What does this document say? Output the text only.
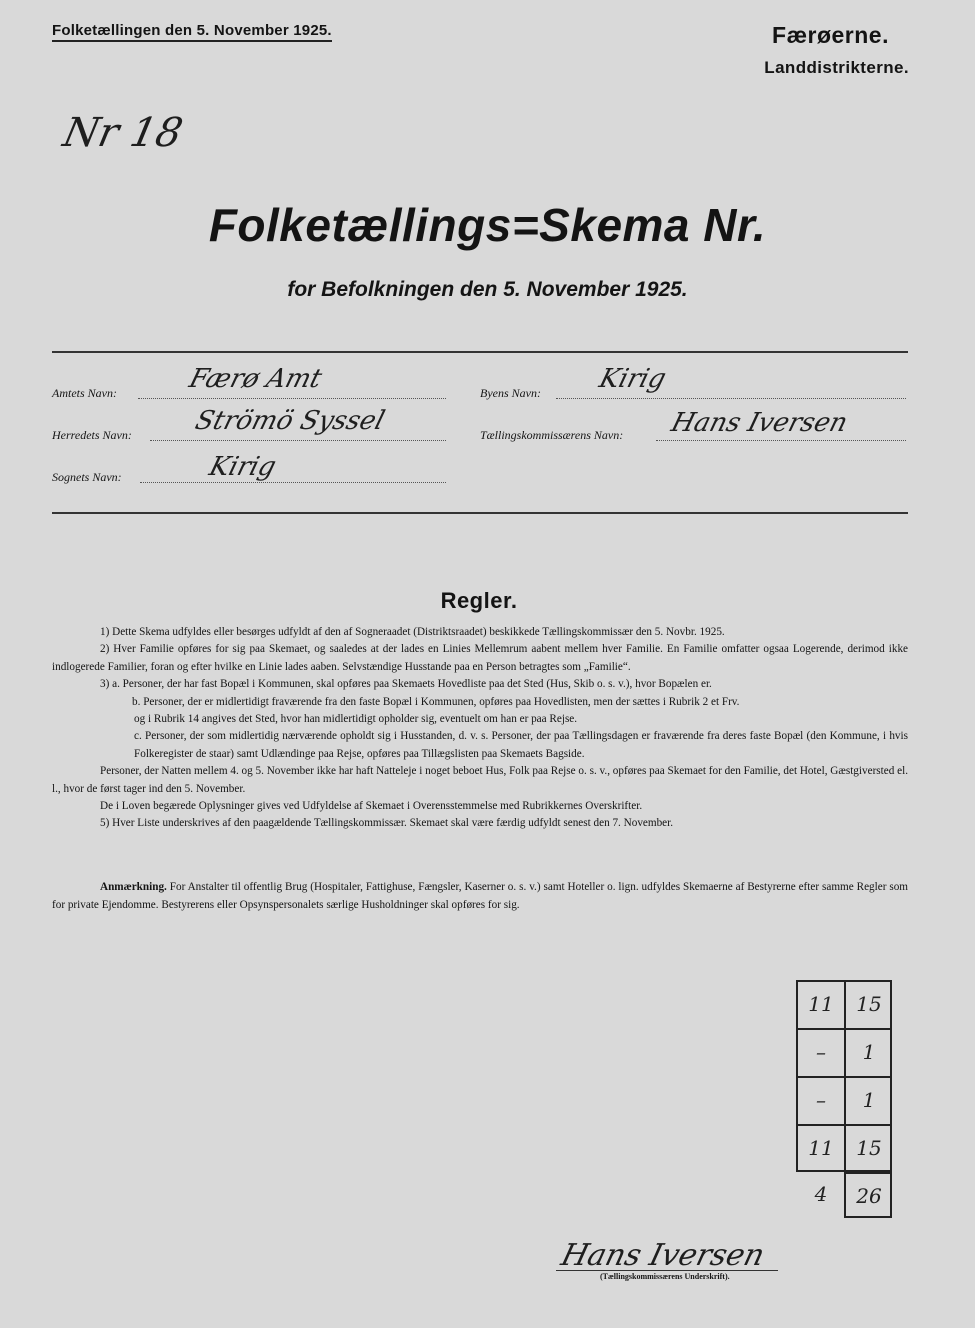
Folketællingen den 5. November 1925.	Færøerne.
Landdistrikterne.
Nr 18
Folketællings=Skema Nr.
for Befolkningen den 5. November 1925.
Amtets Navn:	Færø Amt	Byens Navn: Kirig
Herredets Navn: Strömö Syssel	Tællingskommissærens Navn: Hans Iversen
Sognets Navn:	Kirig
Regler.

1) Dette Skema udfyldes eller besørges udfyldt af den af Sogneraadet (Distriktsraadet) beskikkede Tællingskommissær den 5. Novbr. 1925.

2) Hver Familie opføres for sig paa Skemaet, og saaledes at der lades en Linies Mellemrum aabent mellem hver Familie. En Familie omfatter ogsaa Logerende, derimod ikke indlogerede Familier, foran og efter hvilke en Linie lades aaben. Selvstændige Husstande paa en Person betragtes som „Familie“.

3) a. Personer, der har fast Bopæl i Kommunen, skal opføres paa Skemaets Hovedliste paa det Sted (Hus, Skib o. s. v.), hvor Bopælen er.

b. Personer, der er midlertidigt fraværende fra den faste Bopæl i Kommunen, opføres paa Hovedlisten, men der sættes i Rubrik 2 et Frv.

og i Rubrik 14 angives det Sted, hvor han midlertidigt opholder sig, eventuelt om han er paa Rejse.

c. Personer, der som midlertidig nærværende opholdt sig i Husstanden, d. v. s. Personer, der paa Tællingsdagen er fraværende fra deres faste Bopæl (den Kommune, i hvis Folkeregister de staar) samt Udlændinge paa Rejse, opføres paa Tillægslisten paa Skemaets Bagside.

Personer, der Natten mellem 4. og 5. November ikke har haft Natteleje i noget beboet Hus, Folk paa Rejse o. s. v., opføres paa Skemaet for den Familie, det Hotel, Gæstgiversted el. l., hvor de først tager ind den 5. November.

De i Loven begærede Oplysninger gives ved Udfyldelse af Skemaet i Overensstemmelse med Rubrikkernes Overskrifter.

5) Hver Liste underskrives af den paagældende Tællingskommissær. Skemaet skal være færdig udfyldt senest den 7. November.

Anmærkning. For Anstalter til offentlig Brug (Hospitaler, Fattighuse, Fængsler, Kaserner o. s. v.) samt Hoteller o. lign. udfyldes Skemaerne af Bestyrerne efter samme Regler som for private Ejendomme. Bestyrerens eller Opsynspersonalets særlige Husholdninger skal opføres for sig.
11	15
–	1
–	1
11	15
4	26
Hans Iversen
(Tællingskommissærens Underskrift).
